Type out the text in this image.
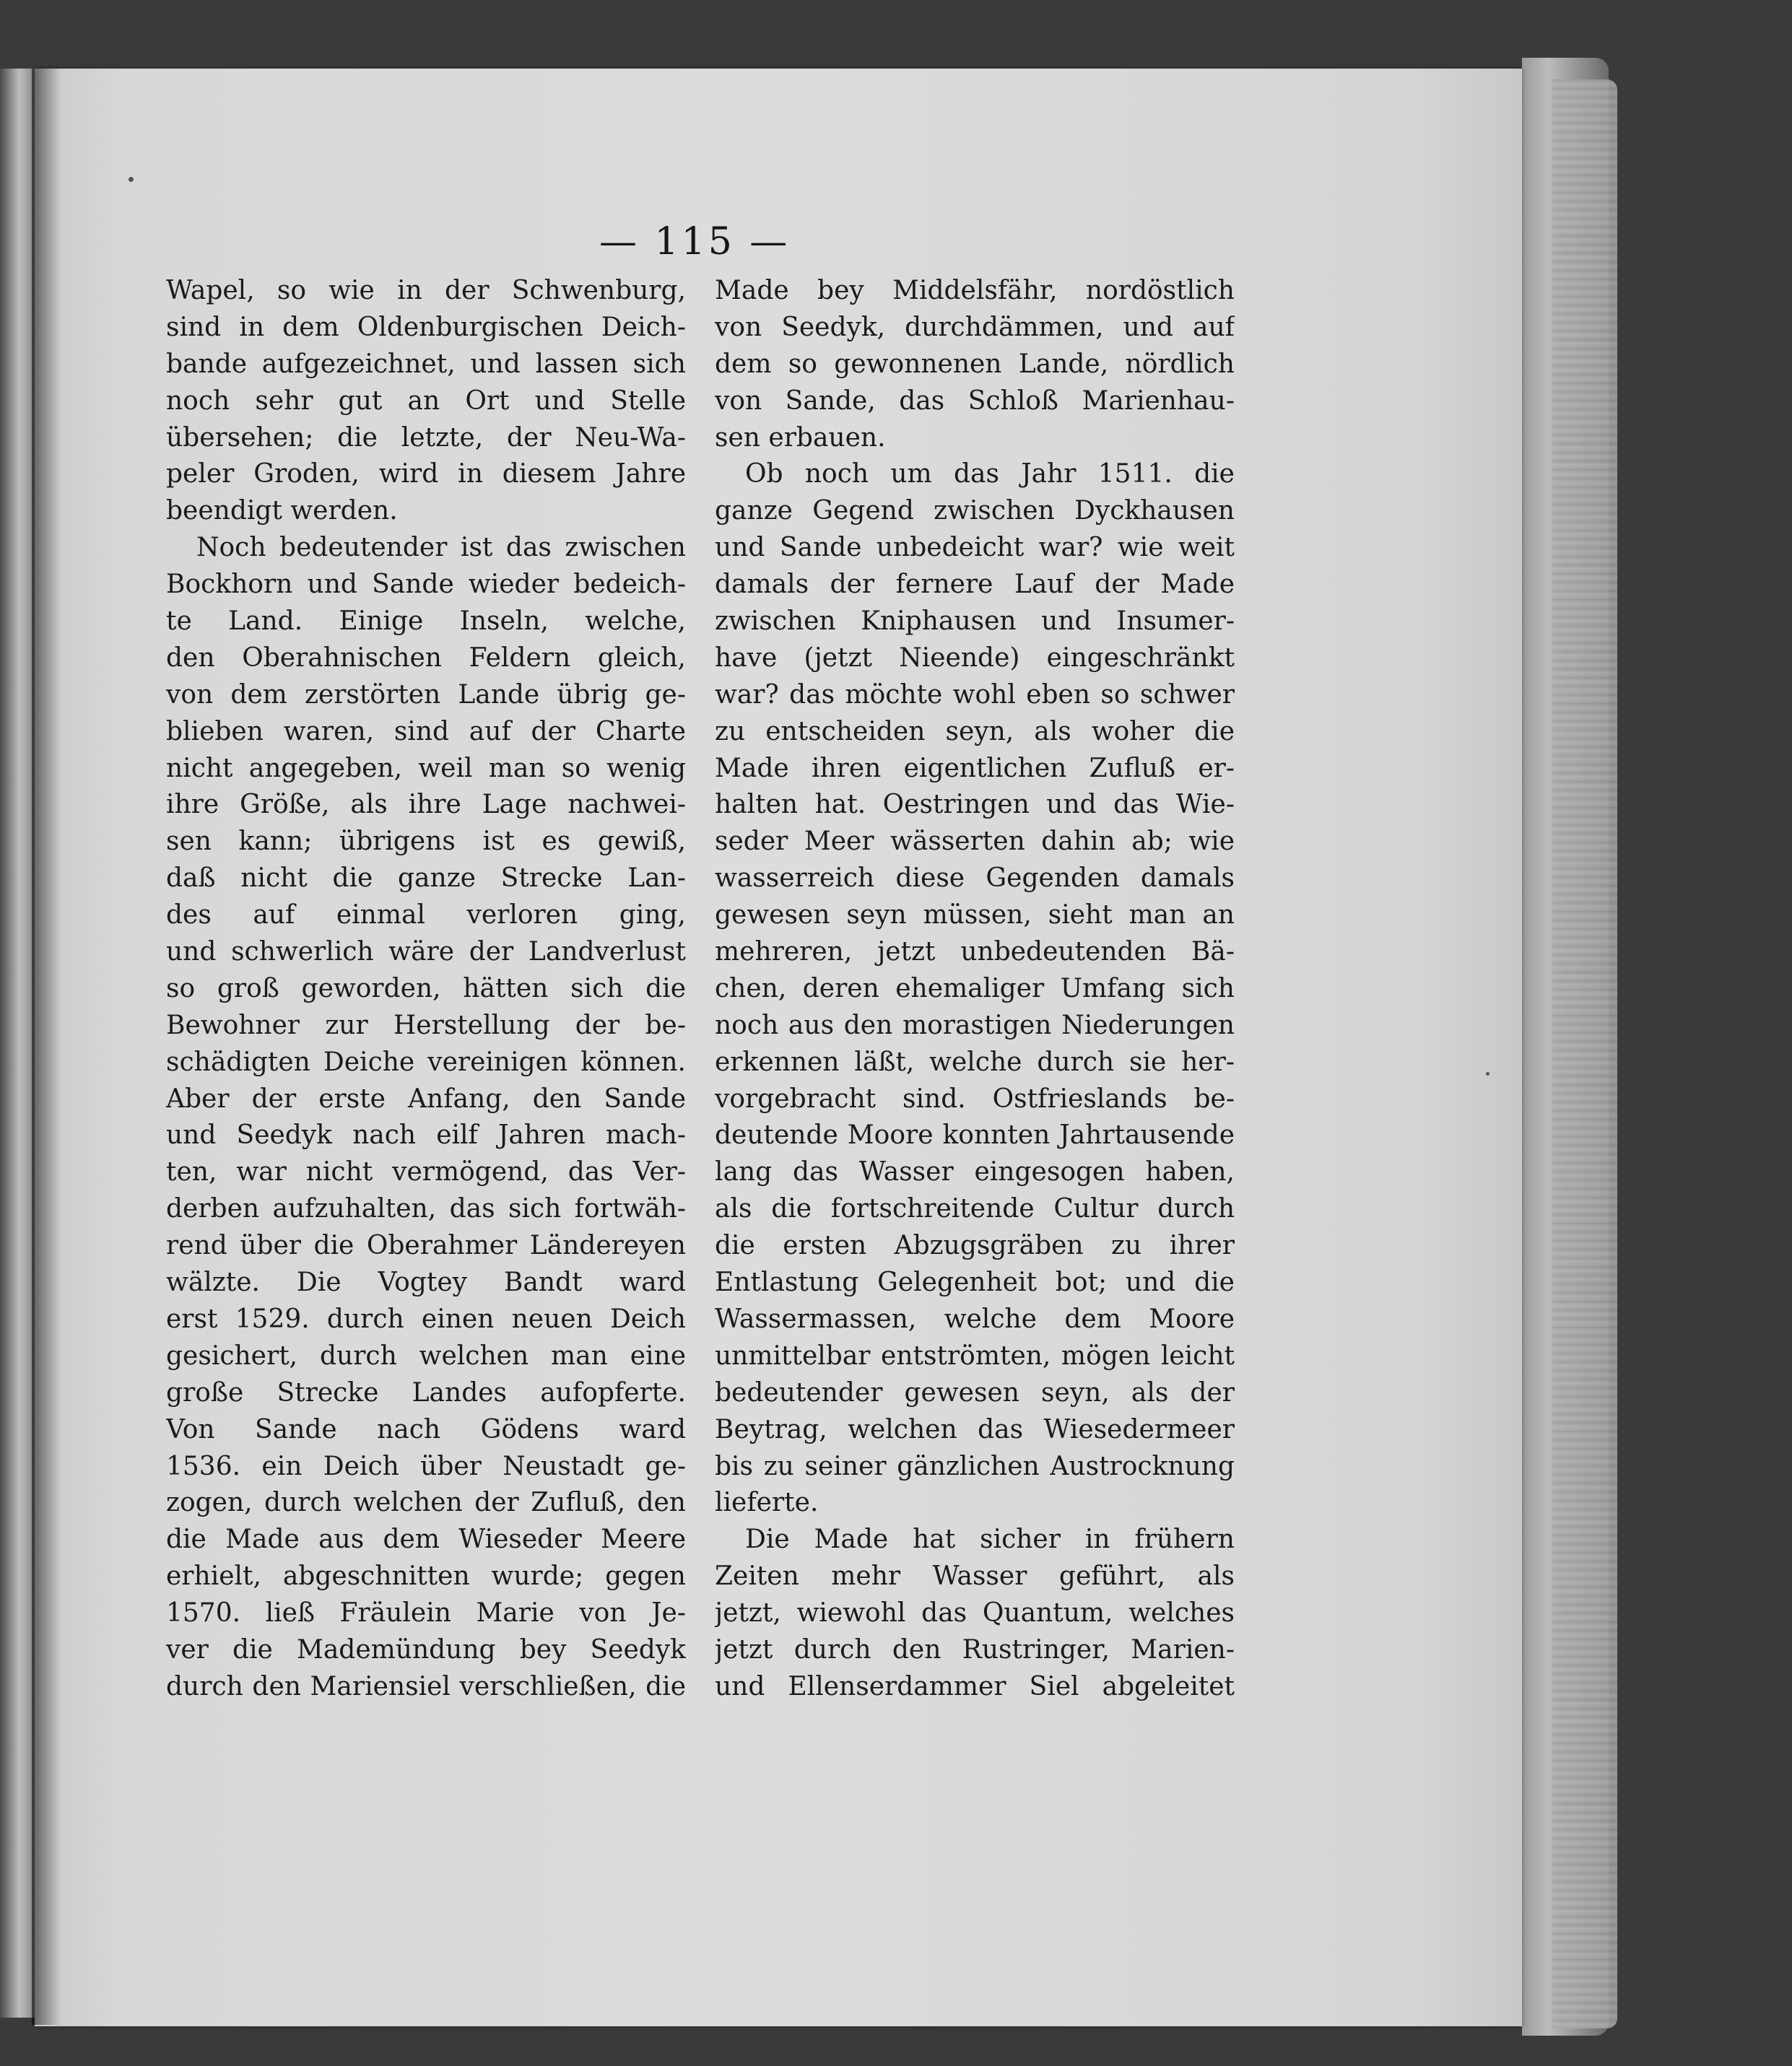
— 115 —
Wapel, so wie in der Schwenburg,
sind in dem Oldenburgischen Deich-
bande aufgezeichnet, und lassen sich
noch sehr gut an Ort und Stelle
übersehen; die letzte, der Neu-Wa-
peler Groden, wird in diesem Jahre
beendigt werden.
Noch bedeutender ist das zwischen
Bockhorn und Sande wieder bedeich-
te Land. Einige Inseln, welche,
den Oberahnischen Feldern gleich,
von dem zerstörten Lande übrig ge-
blieben waren, sind auf der Charte
nicht angegeben, weil man so wenig
ihre Größe, als ihre Lage nachwei-
sen kann; übrigens ist es gewiß,
daß nicht die ganze Strecke Lan-
des auf einmal verloren ging,
und schwerlich wäre der Landverlust
so groß geworden, hätten sich die
Bewohner zur Herstellung der be-
schädigten Deiche vereinigen können.
Aber der erste Anfang, den Sande
und Seedyk nach eilf Jahren mach-
ten, war nicht vermögend, das Ver-
derben aufzuhalten, das sich fortwäh-
rend über die Oberahmer Ländereyen
wälzte. Die Vogtey Bandt ward
erst 1529. durch einen neuen Deich
gesichert, durch welchen man eine
große Strecke Landes aufopferte.
Von Sande nach Gödens ward
1536. ein Deich über Neustadt ge-
zogen, durch welchen der Zufluß, den
die Made aus dem Wieseder Meere
erhielt, abgeschnitten wurde; gegen
1570. ließ Fräulein Marie von Je-
ver die Mademündung bey Seedyk
durch den Mariensiel verschließen, die
Made bey Middelsfähr, nordöstlich
von Seedyk, durchdämmen, und auf
dem so gewonnenen Lande, nördlich
von Sande, das Schloß Marienhau-
sen erbauen.
Ob noch um das Jahr 1511. die
ganze Gegend zwischen Dyckhausen
und Sande unbedeicht war? wie weit
damals der fernere Lauf der Made
zwischen Kniphausen und Insumer-
have (jetzt Nieende) eingeschränkt
war? das möchte wohl eben so schwer
zu entscheiden seyn, als woher die
Made ihren eigentlichen Zufluß er-
halten hat. Oestringen und das Wie-
seder Meer wässerten dahin ab; wie
wasserreich diese Gegenden damals
gewesen seyn müssen, sieht man an
mehreren, jetzt unbedeutenden Bä-
chen, deren ehemaliger Umfang sich
noch aus den morastigen Niederungen
erkennen läßt, welche durch sie her-
vorgebracht sind. Ostfrieslands be-
deutende Moore konnten Jahrtausende
lang das Wasser eingesogen haben,
als die fortschreitende Cultur durch
die ersten Abzugsgräben zu ihrer
Entlastung Gelegenheit bot; und die
Wassermassen, welche dem Moore
unmittelbar entströmten, mögen leicht
bedeutender gewesen seyn, als der
Beytrag, welchen das Wiesedermeer
bis zu seiner gänzlichen Austrocknung
lieferte.
Die Made hat sicher in frühern
Zeiten mehr Wasser geführt, als
jetzt, wiewohl das Quantum, welches
jetzt durch den Rustringer, Marien-
und Ellenserdammer Siel abgeleitet
